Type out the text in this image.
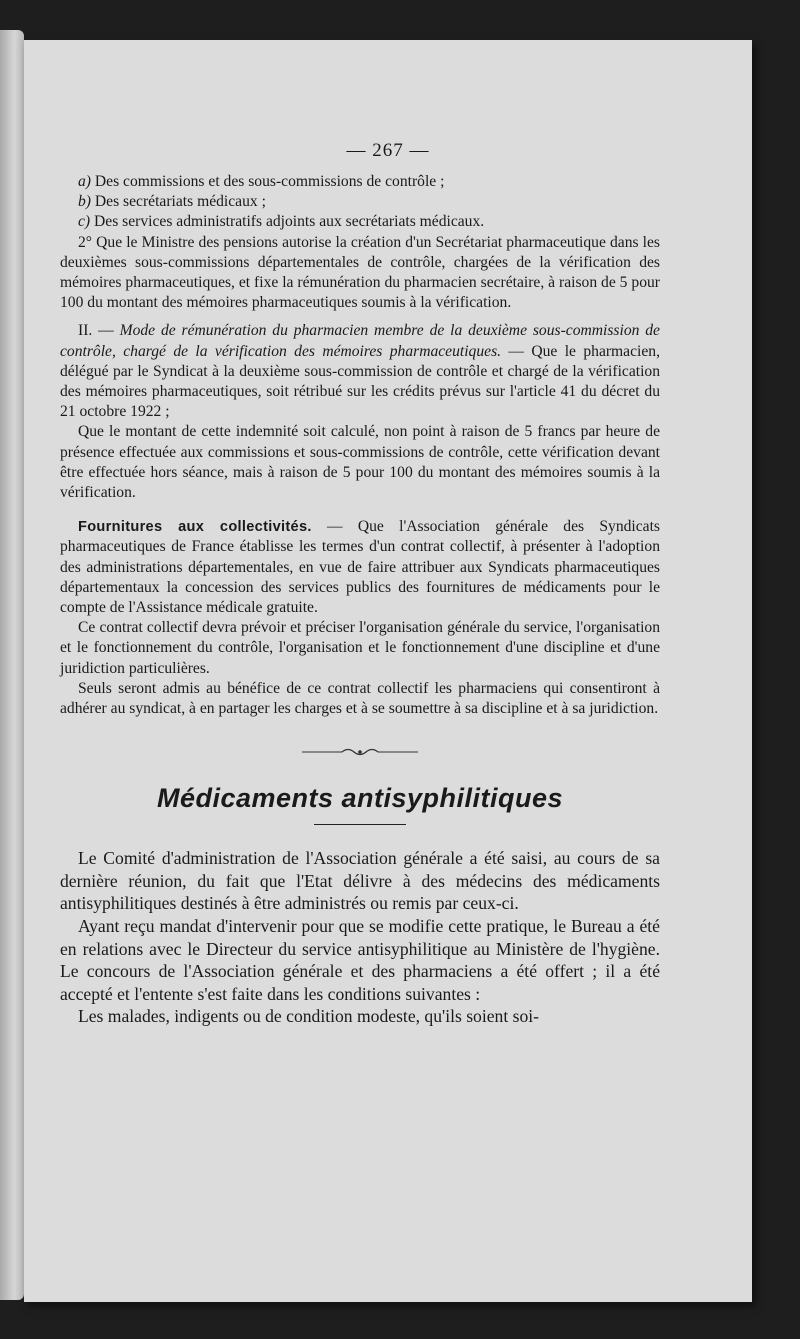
— 267 —

a) Des commissions et des sous-commissions de contrôle ;

b) Des secrétariats médicaux ;

c) Des services administratifs adjoints aux secrétariats médicaux.

2° Que le Ministre des pensions autorise la création d'un Secrétariat pharmaceutique dans les deuxièmes sous-commissions départementales de contrôle, chargées de la vérification des mémoires pharmaceutiques, et fixe la rémunération du pharmacien secrétaire, à raison de 5 pour 100 du montant des mémoires pharmaceutiques soumis à la vérification.

II. — Mode de rémunération du pharmacien membre de la deuxième sous-commission de contrôle, chargé de la vérification des mémoires pharmaceutiques. — Que le pharmacien, délégué par le Syndicat à la deuxième sous-commission de contrôle et chargé de la vérification des mémoires pharmaceutiques, soit rétribué sur les crédits prévus sur l'article 41 du décret du 21 octobre 1922 ;

Que le montant de cette indemnité soit calculé, non point à raison de 5 francs par heure de présence effectuée aux commissions et sous-commissions de contrôle, cette vérification devant être effectuée hors séance, mais à raison de 5 pour 100 du montant des mémoires soumis à la vérification.

Fournitures aux collectivités. — Que l'Association générale des Syndicats pharmaceutiques de France établisse les termes d'un contrat collectif, à présenter à l'adoption des administrations départementales, en vue de faire attribuer aux Syndicats pharmaceutiques départementaux la concession des services publics des fournitures de médicaments pour le compte de l'Assistance médicale gratuite.

Ce contrat collectif devra prévoir et préciser l'organisation générale du service, l'organisation et le fonctionnement du contrôle, l'organisation et le fonctionnement d'une discipline et d'une juridiction particulières.

Seuls seront admis au bénéfice de ce contrat collectif les pharmaciens qui consentiront à adhérer au syndicat, à en partager les charges et à se soumettre à sa discipline et à sa juridiction.

Médicaments antisyphilitiques

Le Comité d'administration de l'Association générale a été saisi, au cours de sa dernière réunion, du fait que l'Etat délivre à des médecins des médicaments antisyphilitiques destinés à être administrés ou remis par ceux-ci.

Ayant reçu mandat d'intervenir pour que se modifie cette pratique, le Bureau a été en relations avec le Directeur du service antisyphilitique au Ministère de l'hygiène. Le concours de l'Association générale et des pharmaciens a été offert ; il a été accepté et l'entente s'est faite dans les conditions suivantes :

Les malades, indigents ou de condition modeste, qu'ils soient soi-
